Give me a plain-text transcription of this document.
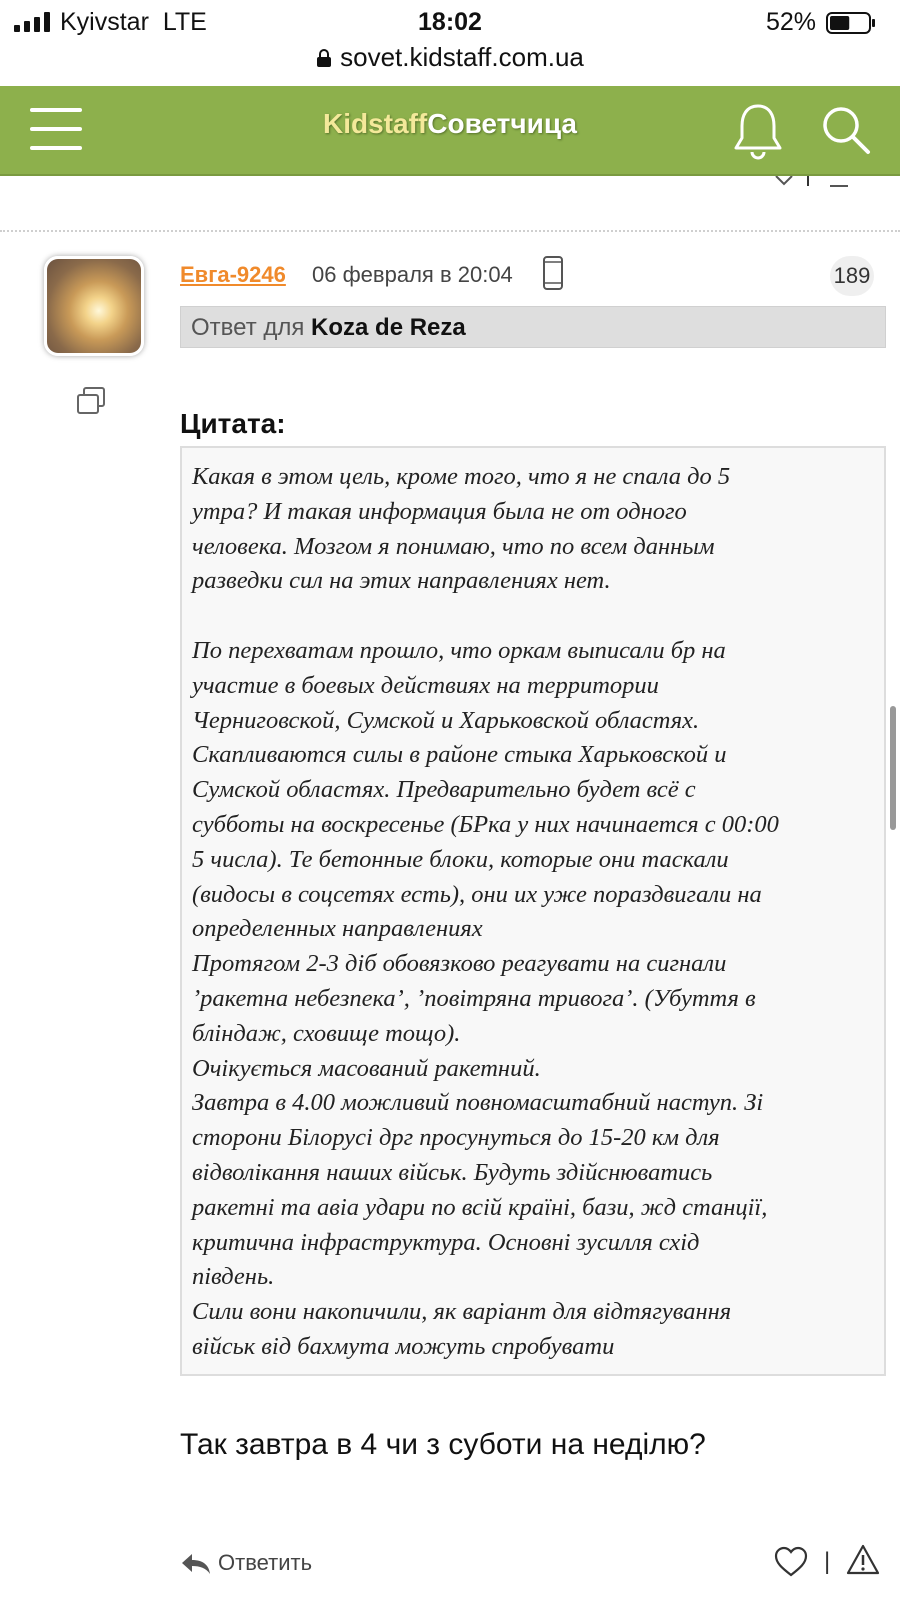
Kyivstar LTE	18:02	52%
sovet.kidstaff.com.ua
KidstaffСоветчица
Евга-9246 06 февраля в 20:04	189
Ответ для Koza de Reza
Цитата:

Какая в этом цель, кроме того, что я не спала до 5

утра? И такая информация была не от одного

человека. Мозгом я понимаю, что по всем данным

разведки сил на этих направлениях нет.

По перехватам прошло, что оркам выписали бр на

участие в боевых действиях на территории

Черниговской, Сумской и Харьковской областях.

Скапливаются силы в районе стыка Харьковской и

Сумской областях. Предварительно будет всё с

субботы на воскресенье (БРка у них начинается с 00:00

5 числа). Те бетонные блоки, которые они таскали

(видосы в соцсетях есть), они их уже пораздвигали на

определенных направлениях

Протягом 2-3 діб обовязково реагувати на сигнали

’ракетна небезпека’, ’повітряна тривога’. (Убуття в

бліндаж, сховище тощо).

Очікується масований ракетний.

Завтра в 4.00 можливий повномасштабний наступ. Зі

сторони Білорусі дрг просунуться до 15-20 км для

відволікання наших військ. Будуть здійснюватись

ракетні та авіа удари по всій країні, бази, жд станції,

критична інфраструктура. Основні зусилля схід

південь.

Сили вони накопичили, як варіант для відтягування

військ від бахмута можуть спробувати

Так завтра в 4 чи з суботи на неділю?
Ответить	|
